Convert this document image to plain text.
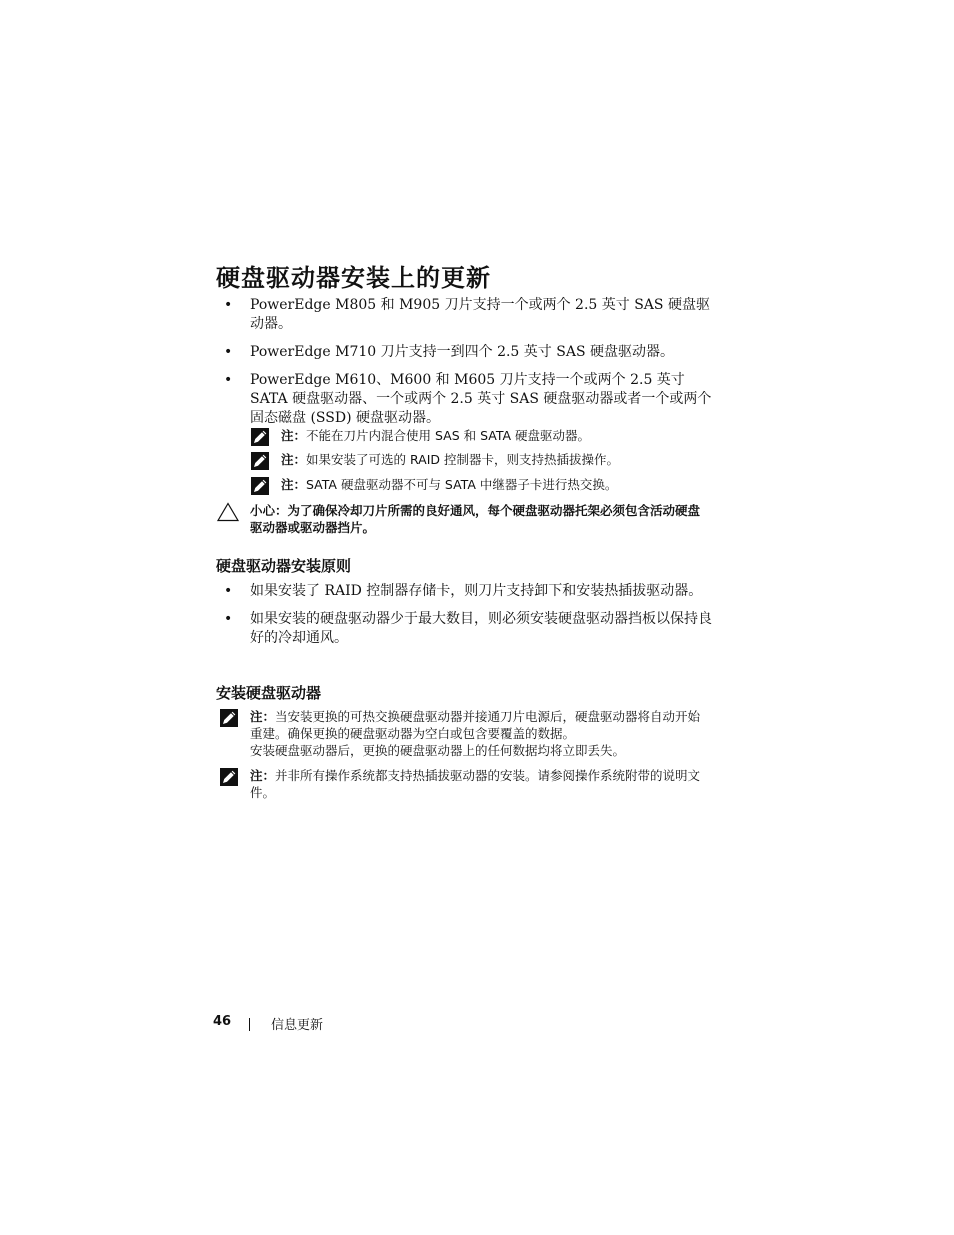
硬盘驱动器安装上的更新
• PowerEdge M805 和 M905 刀片支持一个或两个 2.5 英寸 SAS 硬盘驱动器。
• PowerEdge M710 刀片支持一到四个 2.5 英寸 SAS 硬盘驱动器。
• PowerEdge M610、M600 和 M605 刀片支持一个或两个 2.5 英寸 SATA 硬盘驱动器、一个或两个 2.5 英寸 SAS 硬盘驱动器或者一个或两个固态磁盘 (SSD) 硬盘驱动器。
注：不能在刀片内混合使用 SAS 和 SATA 硬盘驱动器。
注：如果安装了可选的 RAID 控制器卡，则支持热插拔操作。
注：SATA 硬盘驱动器不可与 SATA 中继器子卡进行热交换。
小心：为了确保冷却刀片所需的良好通风，每个硬盘驱动器托架必须包含活动硬盘驱动器或驱动器挡片。
硬盘驱动器安装原则
• 如果安装了 RAID 控制器存储卡，则刀片支持卸下和安装热插拔驱动器。
• 如果安装的硬盘驱动器少于最大数目，则必须安装硬盘驱动器挡板以保持良好的冷却通风。
安装硬盘驱动器
注：当安装更换的可热交换硬盘驱动器并接通刀片电源后，硬盘驱动器将自动开始重建。确保更换的硬盘驱动器为空白或包含要覆盖的数据。
安装硬盘驱动器后，更换的硬盘驱动器上的任何数据均将立即丢失。
注：并非所有操作系统都支持热插拔驱动器的安装。请参阅操作系统附带的说明文件。
46	信息更新
